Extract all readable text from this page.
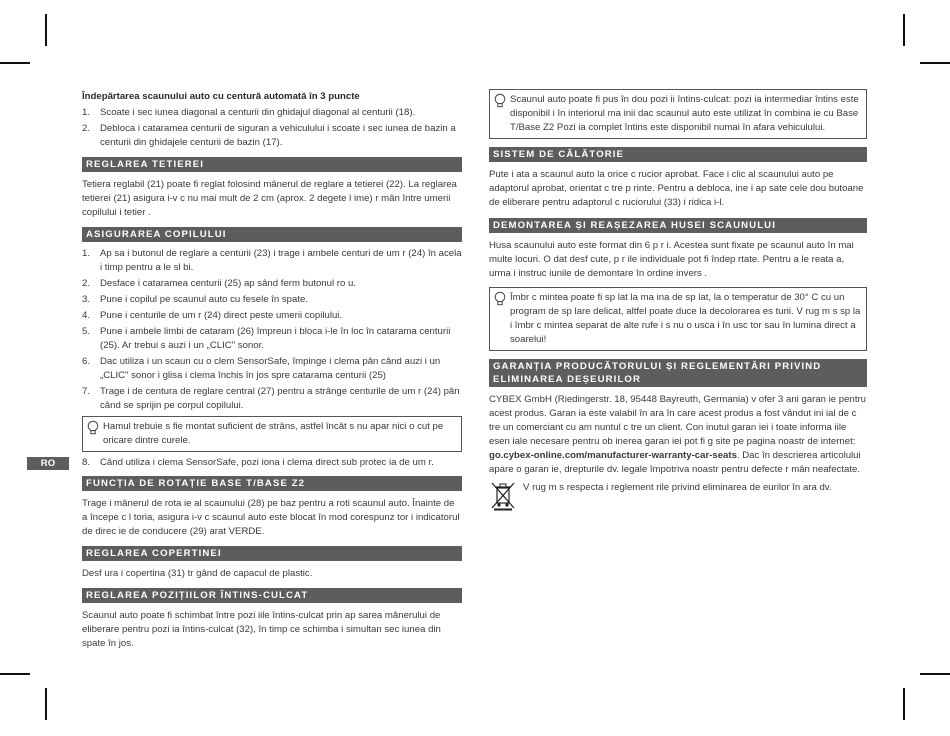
RO

Îndepărtarea scaunului auto cu centură automată în 3 puncte

1. Scoate i sec iunea diagonal a centurii din ghidajul diagonal al centurii (18).
2. Debloca i cataramea centurii de siguran a vehiculului i scoate i sec iunea de bazin a centurii din ghidajele centurii de bazin (17).
REGLAREA TETIEREI

Tetiera reglabil (21) poate fi reglat folosind mânerul de reglare a tetierei (22). La reglarea tetierei (21) asigura i-v c nu mai mult de 2 cm (aprox. 2 degete l ime) r mân între umerii copilului i tetier .

ASIGURAREA COPILULUI
1. Ap sa i butonul de reglare a centurii (23) i trage i ambele centuri de um r (24) în acela i timp pentru a le sl bi.
2. Desface i cataramea centurii (25) ap sând ferm butonul ro u.
3. Pune i copilul pe scaunul auto cu fesele în spate.
4. Pune i centurile de um r (24) direct peste umerii copilului.
5. Pune i ambele limbi de cataram (26) împreun i bloca i-le în loc în catarama centurii (25). Ar trebui s auzi i un „CLIC" sonor.
6. Dac utiliza i un scaun cu o clem SensorSafe, împinge i clema pân când auzi i un „CLIC" sonor i glisa i clema închis în jos spre catarama centurii (25)
7. Trage i de centura de reglare central (27) pentru a strânge centurile de um r (24) pân când se sprijin pe corpul copilului.
Hamul trebuie s fie montat suficient de strâns, astfel încât s nu apar nici o cut pe oricare dintre curele.
8. Când utiliza i clema SensorSafe, pozi iona i clema direct sub protec ia de um r.
FUNCȚIA DE ROTAȚIE BASE T/BASE Z2

Trage i mânerul de rota ie al scaunului (28) pe baz pentru a roti scaunul auto. Înainte de a începe c l toria, asigura i-v c scaunul auto este blocat în mod corespunz tor i indicatorul de direc ie de conducere (29) arat VERDE.

REGLAREA COPERTINEI

Desf ura i copertina (31) tr gând de capacul de plastic.

REGLAREA POZIȚIILOR ÎNTINS-CULCAT

Scaunul auto poate fi schimbat între pozi iile întins-culcat prin ap sarea mânerului de eliberare pentru pozi ia întins-culcat (32), în timp ce schimba i simultan sec iunea din spate în jos.

Scaunul auto poate fi pus în dou pozi ii întins-culcat: pozi ia intermediar întins este disponibil i în interiorul ma inii dac scaunul auto este utilizat în combina ie cu Base T/Base Z2 Pozi ia complet întins este disponibil numai în afara vehiculului.
SISTEM DE CĂLĂTORIE

Pute i ata a scaunul auto la orice c rucior aprobat. Face i clic al scaunului auto pe adaptorul aprobat, orientat c tre p rinte. Pentru a debloca, ine i ap sate cele dou butoane de eliberare pentru adaptorul c ruciorului (33) i ridica i-l.

DEMONTAREA ȘI REAȘEZAREA HUSEI SCAUNULUI

Husa scaunului auto este format din 6 p r i. Acestea sunt fixate pe scaunul auto în mai multe locuri. O dat desf cute, p r ile individuale pot fi îndep rtate. Pentru a le reata a, urma i instruc iunile de demontare în ordine invers .

Îmbr c mintea poate fi sp lat la ma ina de sp lat, la o temperatur de 30° C cu un program de sp lare delicat, altfel poate duce la decolorarea es turii. V rug m s sp la i îmbr c mintea separat de alte rufe i s nu o usca i în usc tor sau în lumina direct a soarelui!
GARANȚIA PRODUCĂTORULUI ȘI REGLEMENTĂRI PRIVIND
ELIMINAREA DEȘEURILOR

CYBEX GmbH (Riedingerstr. 18, 95448 Bayreuth, Germania) v ofer 3 ani garan ie pentru acest produs. Garan ia este valabil în ara în care acest produs a fost vândut ini ial de c tre un comerciant cu am nuntul c tre un client. Con inutul garan iei i toate informa iile esen iale necesare pentru ob inerea garan iei pot fi g site pe pagina noastr de internet: go.cybex-online.com/manufacturer-warranty-car-seats. Dac în descrierea articolului apare o garan ie, drepturile dv. legale împotriva noastr pentru defecte r mân neafectate.

V rug m s respecta i reglement rile privind eliminarea de eurilor în ara dv.
